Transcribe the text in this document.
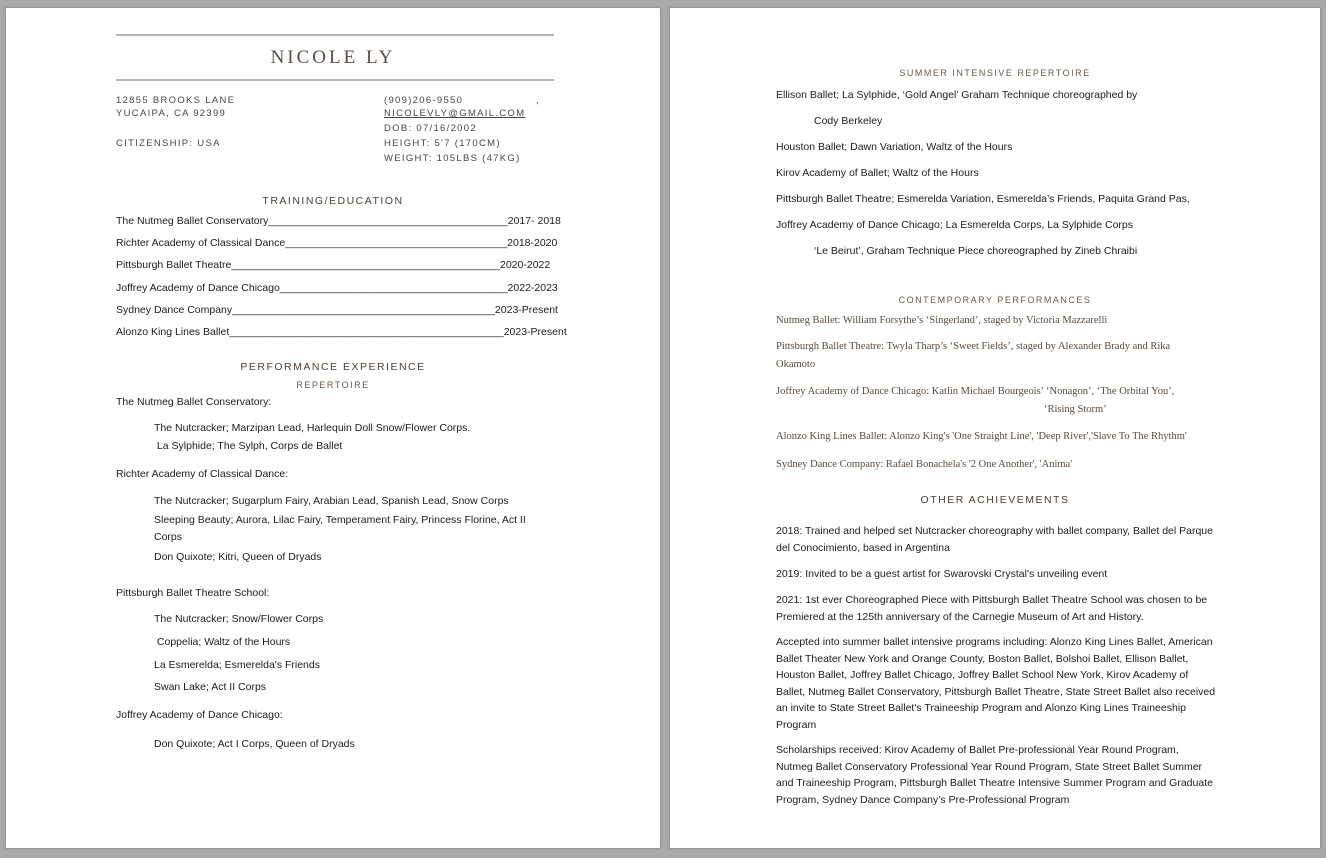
NICOLE LY
12855 BROOKS LANE
YUCAIPA, CA 92399
CITIZENSHIP: USA
(909)206-9550	,
NICOLEVLY@GMAIL.COM
DOB: 07/16/2002
HEIGHT: 5'7 (170CM)
WEIGHT: 105LBS (47KG)
TRAINING/EDUCATION
The Nutmeg Ballet Conservatory_________________________________________2017- 2018
Richter Academy of Classical Dance______________________________________2018-2020
Pittsburgh Ballet Theatre______________________________________________2020-2022
Joffrey Academy of Dance Chicago_______________________________________2022-2023
Sydney Dance Company_____________________________________________2023-Present
Alonzo King Lines Ballet_______________________________________________2023-Present
PERFORMANCE EXPERIENCE
REPERTOIRE
The Nutmeg Ballet Conservatory:
The Nutcracker; Marzipan Lead, Harlequin Doll Snow/Flower Corps.
La Sylphide; The Sylph, Corps de Ballet
Richter Academy of Classical Dance:
The Nutcracker; Sugarplum Fairy, Arabian Lead, Spanish Lead, Snow Corps
Sleeping Beauty; Aurora, Lilac Fairy, Temperament Fairy, Princess Florine, Act II Corps
Don Quixote; Kitri, Queen of Dryads
Pittsburgh Ballet Theatre School:
The Nutcracker; Snow/Flower Corps
Coppelia; Waltz of the Hours
La Esmerelda; Esmerelda's Friends
Swan Lake; Act II Corps
Joffrey Academy of Dance Chicago:
Don Quixote; Act I Corps, Queen of Dryads
SUMMER INTENSIVE REPERTOIRE
Ellison Ballet; La Sylphide, ‘Gold Angel’ Graham Technique choreographed by
Cody Berkeley
Houston Ballet; Dawn Variation, Waltz of the Hours
Kirov Academy of Ballet; Waltz of the Hours
Pittsburgh Ballet Theatre; Esmerelda Variation, Esmerelda’s Friends, Paquita Grand Pas,
Joffrey Academy of Dance Chicago; La Esmerelda Corps, La Sylphide Corps
‘Le Beirut’, Graham Technique Piece choreographed by Zineb Chraibi
CONTEMPORARY PERFORMANCES
Nutmeg Ballet: William Forsythe’s ‘Singerland’, staged by Victoria Mazzarelli
Pittsburgh Ballet Theatre: Twyla Tharp’s ‘Sweet Fields’, staged by Alexander Brady and Rika
Okamoto
Joffrey Academy of Dance Chicago: Katlin Michael Bourgeois’ ‘Nonagon’, ‘The Orbital You’,
‘Rising Storm’
Alonzo King Lines Ballet: Alonzo King's 'One Straight Line', 'Deep River','Slave To The Rhythm'
Sydney Dance Company: Rafael Bonachela's '2 One Another', 'Anima'
OTHER ACHIEVEMENTS
2018: Trained and helped set Nutcracker choreography with ballet company, Ballet del Parque del Conocimiento, based in Argentina
2019: Invited to be a guest artist for Swarovski Crystal's unveiling event
2021: 1st ever Choreographed Piece with Pittsburgh Ballet Theatre School was chosen to be Premiered at the 125th anniversary of the Carnegie Museum of Art and History.
Accepted into summer ballet intensive programs including: Alonzo King Lines Ballet, American Ballet Theater New York and Orange County, Boston Ballet, Bolshoi Ballet, Ellison Ballet, Houston Ballet, Joffrey Ballet Chicago, Joffrey Ballet School New York, Kirov Academy of Ballet, Nutmeg Ballet Conservatory, Pittsburgh Ballet Theatre, State Street Ballet also received an invite to State Street Ballet's Traineeship Program and Alonzo King Lines Traineeship Program
Scholarships received: Kirov Academy of Ballet Pre-professional Year Round Program, Nutmeg Ballet Conservatory Professional Year Round Program, State Street Ballet Summer and Traineeship Program, Pittsburgh Ballet Theatre Intensive Summer Program and Graduate Program, Sydney Dance Company’s Pre-Professional Program
